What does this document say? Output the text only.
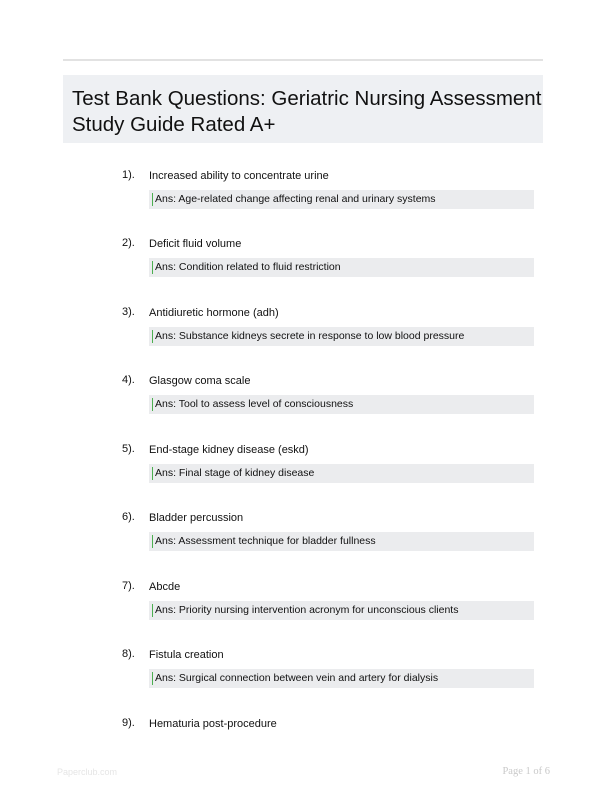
Test Bank Questions: Geriatric Nursing Assessment Study Guide Rated A+
1). Increased ability to concentrate urine
Ans: Age-related change affecting renal and urinary systems
2). Deficit fluid volume
Ans: Condition related to fluid restriction
3). Antidiuretic hormone (adh)
Ans: Substance kidneys secrete in response to low blood pressure
4). Glasgow coma scale
Ans: Tool to assess level of consciousness
5). End-stage kidney disease (eskd)
Ans: Final stage of kidney disease
6). Bladder percussion
Ans: Assessment technique for bladder fullness
7). Abcde
Ans: Priority nursing intervention acronym for unconscious clients
8). Fistula creation
Ans: Surgical connection between vein and artery for dialysis
9). Hematuria post-procedure
Paperclub.com	Page 1 of 6
